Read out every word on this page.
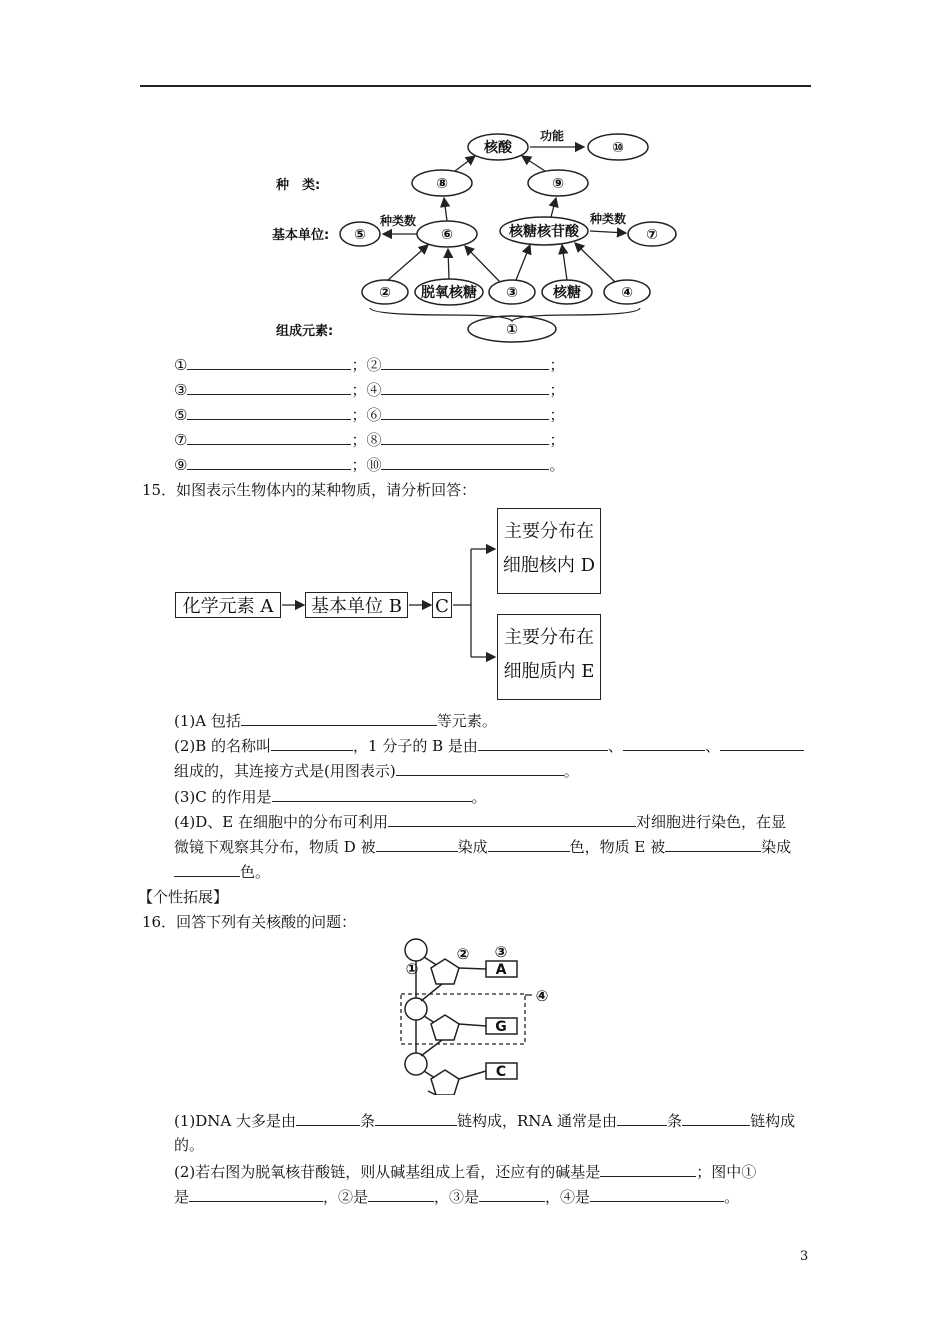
核酸
功能
⑩
⑧	⑨
⑥
⑤	核糖核苷酸	⑦
② 脱氧核糖 ③	核糖	④
①
种类数	种类数
种　类:
基本单位:
组成元素:
①	；②	；
③	；④	；
⑤	；⑥	；
⑦	；⑧	；
⑨	；⑩	。
15．如图表示生物体内的某种物质，请分析回答：
化学元素 A	基本单位 B	C
主要分布在
细胞核内 D
主要分布在
细胞质内 E
(1)A 包括	等元素。
(2)B 的名称叫	，1 分子的 B 是由	、	、
组成的，其连接方式是(用图表示)	。
(3)C 的作用是	。
(4)D、E 在细胞中的分布可利用	对细胞进行染色，在显
微镜下观察其分布，物质 D 被	染成	色，物质 E 被	染成
色。
【个性拓展】
16．回答下列有关核酸的问题：
A
G
C
①
② ③
④
(1)DNA 大多是由	条	链构成，RNA 通常是由	条	链构成
的。
(2)若右图为脱氧核苷酸链，则从碱基组成上看，还应有的碱基是	；图中①
是	，②是	，③是	，④是	。
3
